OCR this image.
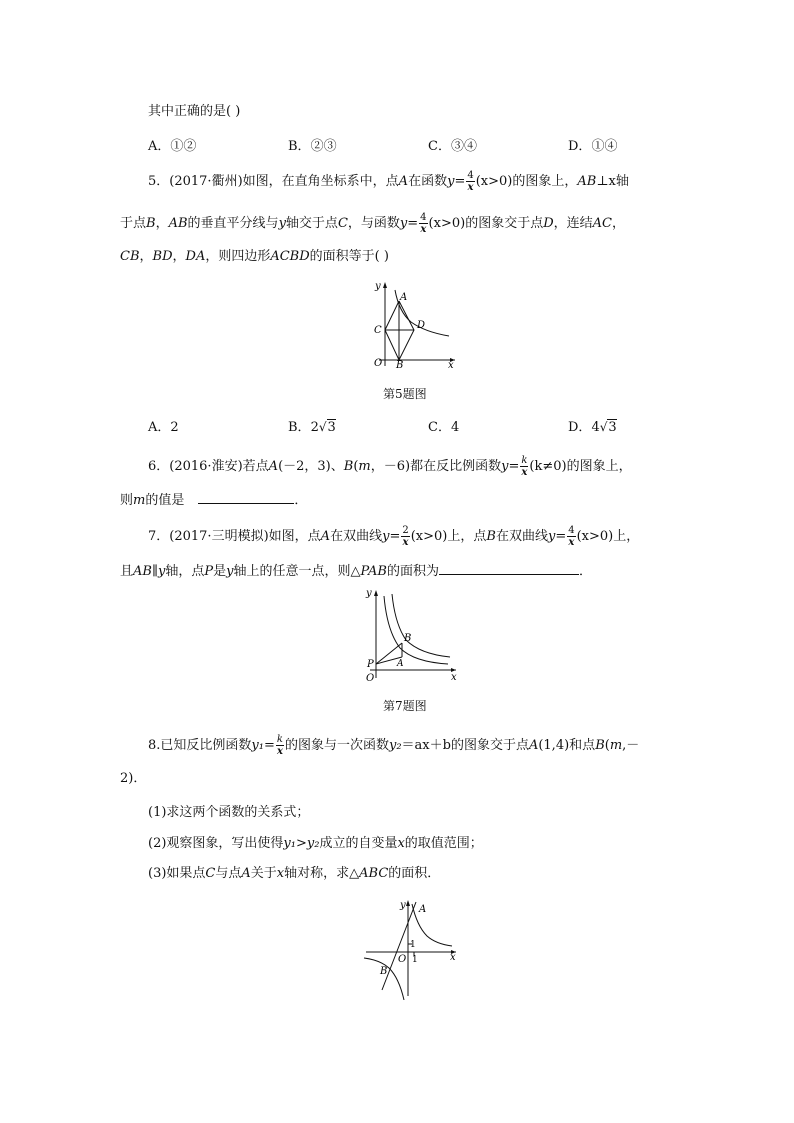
其中正确的是( )
A．①②	B．②③	C．③④	D．①④
5．(2017·衢州)如图，在直角坐标系中，点A在函数$y= \frac{4}{x} (x>0)$的图象上，AB⊥x轴
于点B，AB的垂直平分线与y轴交于点C，与函数$y= \frac{4}{x} (x>0)$的图象交于点D，连结AC，
CB，BD，DA，则四边形ACBD的面积等于( )
y
x
O
A
B
C	D
第5题图
A．2	B．2√3	C．4	D．4√3
6．(2016·淮安)若点A(－2，3)、B(m，－6)都在反比例函数$y= \frac{k}{x} (k\ne 0)$的图象上，
则m的值是	．
7．(2017·三明模拟)如图，点A在双曲线$y= \frac{2}{x} (x>0)$上，点B在双曲线$y= \frac{4}{x} (x>0)$上，
且AB∥y轴，点P是y轴上的任意一点，则△PAB的面积为	．
y
x
O
B
A
P
第7题图
8.已知反比例函数$y_1= \frac{k}{x}$ 的图象与一次函数y₂＝ax＋b的图象交于点A(1,4)和点B(m,－
2)．
(1)求这两个函数的关系式；
(2)观察图象，写出使得y₁>y₂成立的自变量x的取值范围；
(3)如果点C与点A关于x轴对称，求△ABC的面积．
y
x
O
A
B
1
1
